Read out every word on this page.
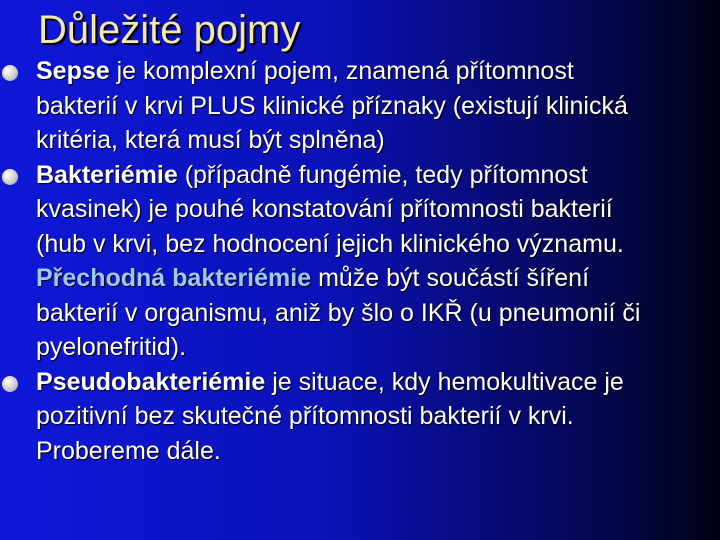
Důležité pojmy
Sepse je komplexní pojem, znamená přítomnost
bakterií v krvi PLUS klinické příznaky (existují klinická
kritéria, která musí být splněna)
Bakteriémie (případně fungémie, tedy přítomnost
kvasinek) je pouhé konstatování přítomnosti bakterií
(hub v krvi, bez hodnocení jejich klinického významu.
Přechodná bakteriémie může být součástí šíření
bakterií v organismu, aniž by šlo o IKŘ (u pneumonií či
pyelonefritid).
Pseudobakteriémie je situace, kdy hemokultivace je
pozitivní bez skutečné přítomnosti bakterií v krvi.
Probereme dále.
